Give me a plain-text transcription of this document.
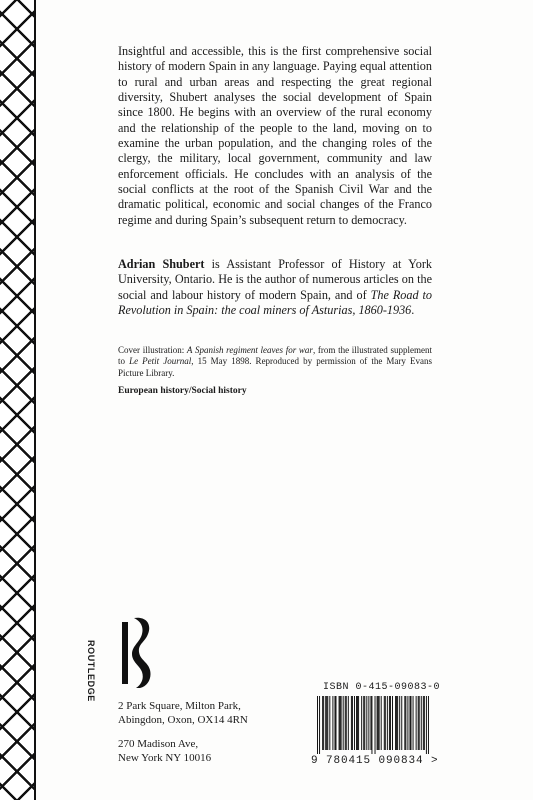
Insightful and accessible, this is the first comprehensive social history of modern Spain in any language. Paying equal attention to rural and urban areas and respecting the great regional diversity, Shubert analyses the social development of Spain since 1800. He begins with an overview of the rural economy and the relationship of the people to the land, moving on to examine the urban population, and the changing roles of the clergy, the military, local government, community and law enforcement officials. He concludes with an analysis of the social conflicts at the root of the Spanish Civil War and the dramatic political, economic and social changes of the Franco regime and during Spain’s subsequent return to democracy.

Adrian Shubert is Assistant Professor of History at York University, Ontario. He is the author of numerous articles on the social and labour history of modern Spain, and of The Road to Revolution in Spain: the coal miners of Asturias, 1860-1936.

Cover illustration: A Spanish regiment leaves for war, from the illustrated supplement to Le Petit Journal, 15 May 1898. Reproduced by permission of the Mary Evans Picture Library.

European history/Social history

ROUTLEDGE
2 Park Square, Milton Park,
Abingdon, Oxon, OX14 4RN
270 Madison Ave,
New York NY 10016
ISBN 0-415-09083-0
9 780415 090834 >
